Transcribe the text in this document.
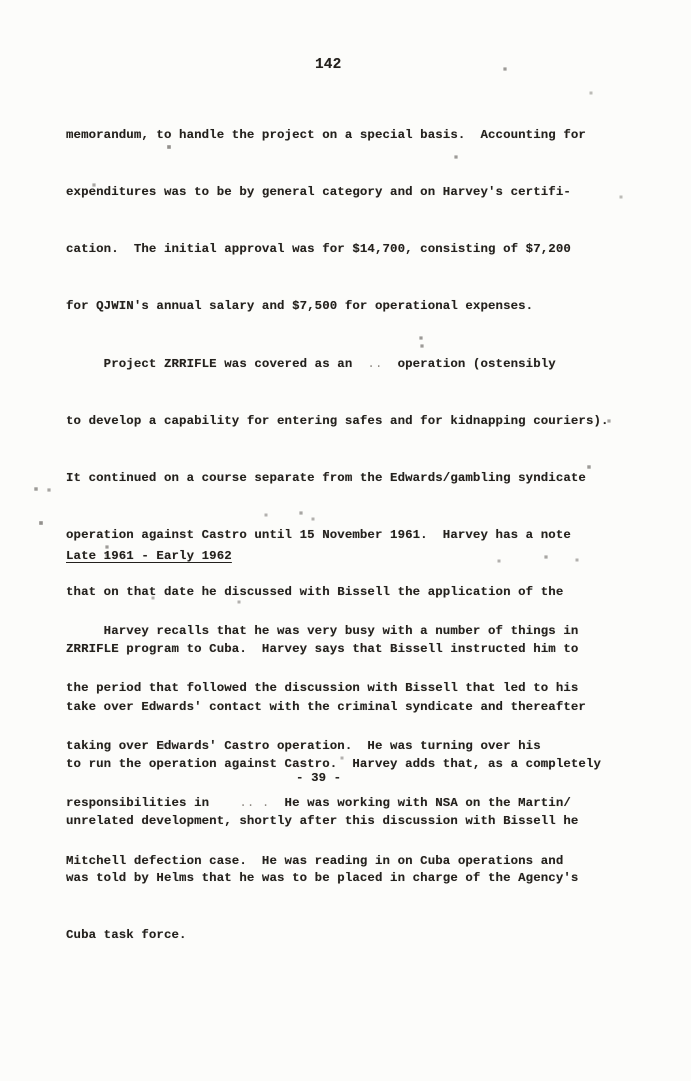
142

memorandum, to handle the project on a special basis.  Accounting for

expenditures was to be by general category and on Harvey's certifi-

cation.  The initial approval was for $14,700, consisting of $7,200

for QJWIN's annual salary and $7,500 for operational expenses.

Project ZRRIFLE was covered as an  ..  operation (ostensibly

to develop a capability for entering safes and for kidnapping couriers).

It continued on a course separate from the Edwards/gambling syndicate

operation against Castro until 15 November 1961.  Harvey has a note

that on that date he discussed with Bissell the application of the

ZRRIFLE program to Cuba.  Harvey says that Bissell instructed him to

take over Edwards' contact with the criminal syndicate and thereafter

to run the operation against Castro.  Harvey adds that, as a completely

unrelated development, shortly after this discussion with Bissell he

was told by Helms that he was to be placed in charge of the Agency's

Cuba task force.

Late 1961 - Early 1962

Harvey recalls that he was very busy with a number of things in

the period that followed the discussion with Bissell that led to his

taking over Edwards' Castro operation.  He was turning over his

responsibilities in    .. .  He was working with NSA on the Martin/

Mitchell defection case.  He was reading in on Cuba operations and

- 39 -
